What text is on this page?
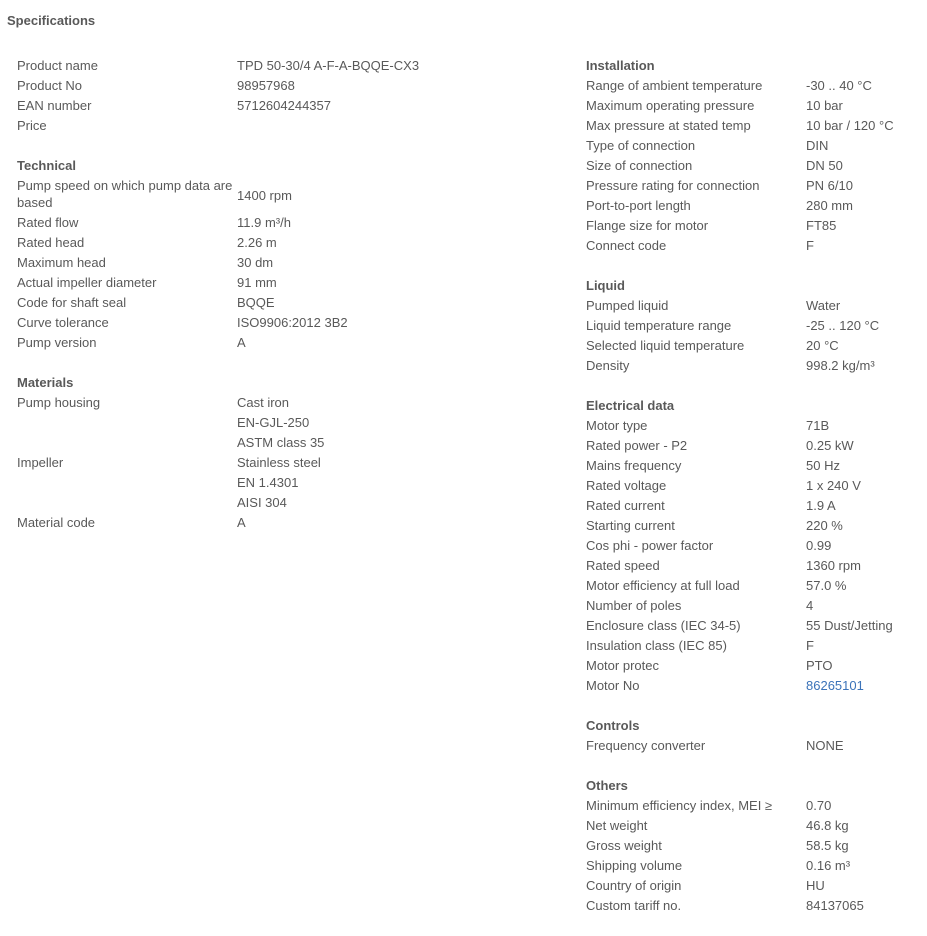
Specifications
Product name	TPD 50-30/4 A-F-A-BQQE-CX3
Product No	98957968
EAN number	5712604244357
Price
Technical
Pump speed on which pump data are based	1400 rpm
Rated flow	11.9 m³/h
Rated head	2.26 m
Maximum head	30 dm
Actual impeller diameter	91 mm
Code for shaft seal	BQQE
Curve tolerance	ISO9906:2012 3B2
Pump version	A
Materials
Pump housing	Cast iron
EN-GJL-250
ASTM class 35
Impeller	Stainless steel
EN 1.4301
AISI 304
Material code	A
Installation
Range of ambient temperature	-30 .. 40 °C
Maximum operating pressure	10 bar
Max pressure at stated temp	10 bar / 120 °C
Type of connection	DIN
Size of connection	DN 50
Pressure rating for connection	PN 6/10
Port-to-port length	280 mm
Flange size for motor	FT85
Connect code	F
Liquid
Pumped liquid	Water
Liquid temperature range	-25 .. 120 °C
Selected liquid temperature	20 °C
Density	998.2 kg/m³
Electrical data
Motor type	71B
Rated power - P2	0.25 kW
Mains frequency	50 Hz
Rated voltage	1 x 240 V
Rated current	1.9 A
Starting current	220 %
Cos phi - power factor	0.99
Rated speed	1360 rpm
Motor efficiency at full load	57.0 %
Number of poles	4
Enclosure class (IEC 34-5)	55 Dust/Jetting
Insulation class (IEC 85)	F
Motor protec	PTO
Motor No	86265101
Controls
Frequency converter	NONE
Others
Minimum efficiency index, MEI ≥	0.70
Net weight	46.8 kg
Gross weight	58.5 kg
Shipping volume	0.16 m³
Country of origin	HU
Custom tariff no.	84137065
